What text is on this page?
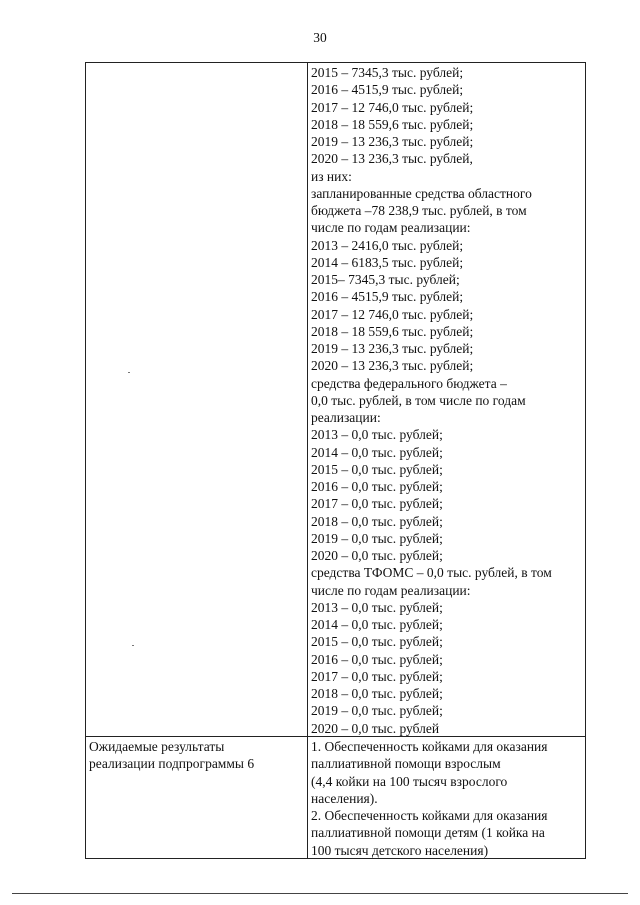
30
2015 – 7345,3 тыс. рублей;
2016 – 4515,9 тыс. рублей;
2017 – 12 746,0 тыс. рублей;
2018 – 18 559,6 тыс. рублей;
2019 – 13 236,3 тыс. рублей;
2020 – 13 236,3 тыс. рублей,
из них:
запланированные средства областного
бюджета –78 238,9 тыс. рублей, в том
числе по годам реализации:
2013 – 2416,0 тыс. рублей;
2014 – 6183,5 тыс. рублей;
2015– 7345,3 тыс. рублей;
2016 – 4515,9 тыс. рублей;
2017 – 12 746,0 тыс. рублей;
2018 – 18 559,6 тыс. рублей;
2019 – 13 236,3 тыс. рублей;
2020 – 13 236,3 тыс. рублей;
средства федерального бюджета –
0,0 тыс. рублей, в том числе по годам
реализации:
2013 – 0,0 тыс. рублей;
2014 – 0,0 тыс. рублей;
2015 – 0,0 тыс. рублей;
2016 – 0,0 тыс. рублей;
2017 – 0,0 тыс. рублей;
2018 – 0,0 тыс. рублей;
2019 – 0,0 тыс. рублей;
2020 – 0,0 тыс. рублей;
средства ТФОМС – 0,0 тыс. рублей, в том
числе по годам реализации:
2013 – 0,0 тыс. рублей;
2014 – 0,0 тыс. рублей;
2015 – 0,0 тыс. рублей;
2016 – 0,0 тыс. рублей;
2017 – 0,0 тыс. рублей;
2018 – 0,0 тыс. рублей;
2019 – 0,0 тыс. рублей;
2020 – 0,0 тыс. рублей
Ожидаемые результаты
реализации подпрограммы 6
1. Обеспеченность койками для оказания
паллиативной помощи взрослым
(4,4 койки на 100 тысяч взрослого
населения).
2. Обеспеченность койками для оказания
паллиативной помощи детям (1 койка на
100 тысяч детского населения)
